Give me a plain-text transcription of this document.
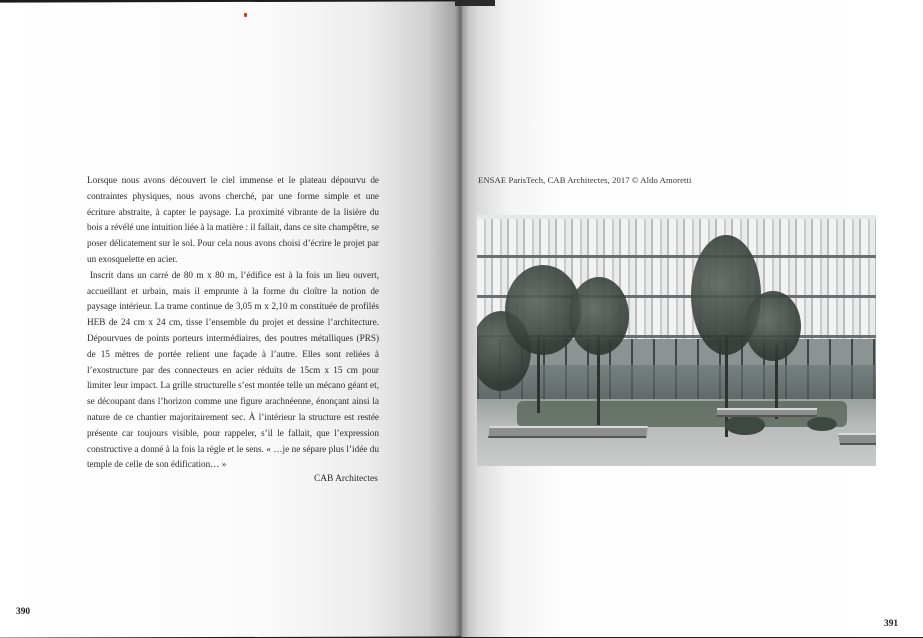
Lorsque nous avons découvert le ciel immense et le plateau dépourvu de contraintes physiques, nous avons cherché, par une forme simple et une écriture abstraite, à capter le paysage. La proximité vibrante de la lisière du bois a révélé une intuition liée à la matière : il fallait, dans ce site champêtre, se poser délicatement sur le sol. Pour cela nous avons choisi d’écrire le projet par un exosquelette en acier.

Inscrit dans un carré de 80 m x 80 m, l’édifice est à la fois un lieu ouvert, accueillant et urbain, mais il emprunte à la forme du cloître la notion de paysage intérieur. La trame continue de 3,05 m x 2,10 m constituée de profilés HEB de 24 cm x 24 cm, tisse l’ensemble du projet et dessine l’architecture. Dépourvues de points porteurs intermédiaires, des poutres métalliques (PRS) de 15 mètres de portée relient une façade à l’autre. Elles sont reliées à l’exostructure par des connecteurs en acier réduits de 15cm x 15 cm pour limiter leur impact. La grille structurelle s’est montée telle un mécano géant et, se découpant dans l’horizon comme une figure arachnéenne, énonçant ainsi la nature de ce chantier majoritairement sec. À l’intérieur la structure est restée présente car toujours visible, pour rappeler, s’il le fallait, que l’expression constructive a donné à la fois la règle et le sens. « …je ne sépare plus l’idée du temple de celle de son édification… »

CAB Architectes

390

ENSAE ParisTech, CAB Architectes, 2017 © Aldo Amoretti

391
